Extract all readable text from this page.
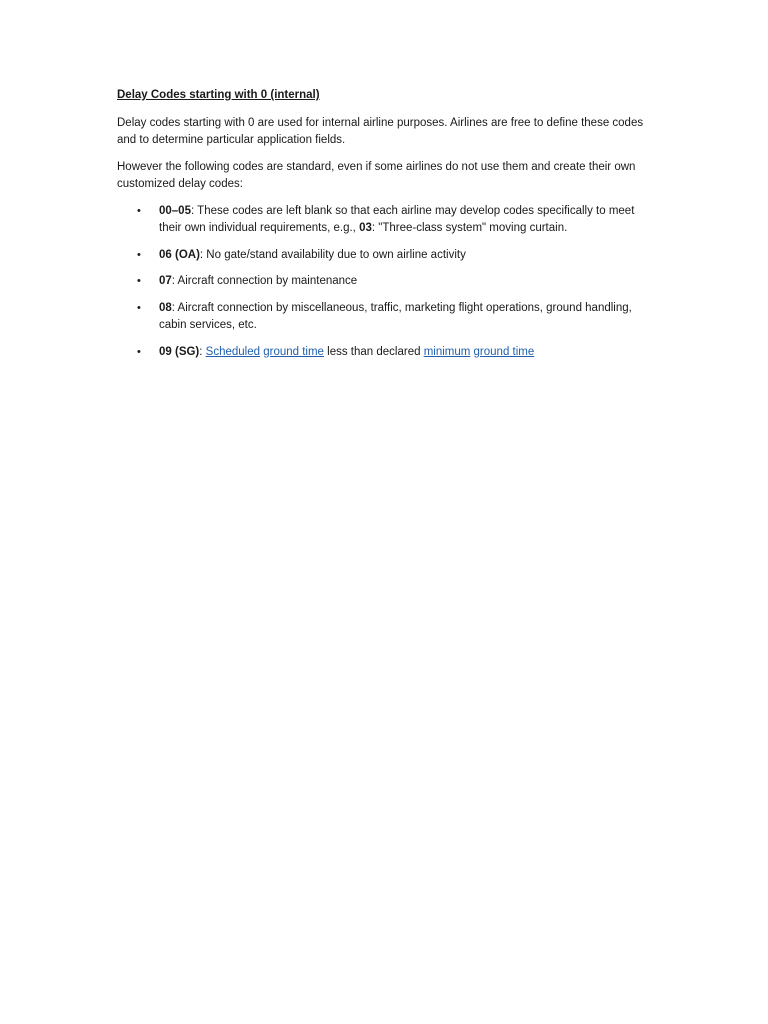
Delay Codes starting with 0 (internal)

Delay codes starting with 0 are used for internal airline purposes. Airlines are free to define these codes and to determine particular application fields.

However the following codes are standard, even if some airlines do not use them and create their own customized delay codes:

• 00–05: These codes are left blank so that each airline may develop codes specifically to meet their own individual requirements, e.g., 03: "Three-class system" moving curtain.
• 06 (OA): No gate/stand availability due to own airline activity
• 07: Aircraft connection by maintenance
• 08: Aircraft connection by miscellaneous, traffic, marketing flight operations, ground handling, cabin services, etc.
• 09 (SG): Scheduled ground time less than declared minimum ground time
